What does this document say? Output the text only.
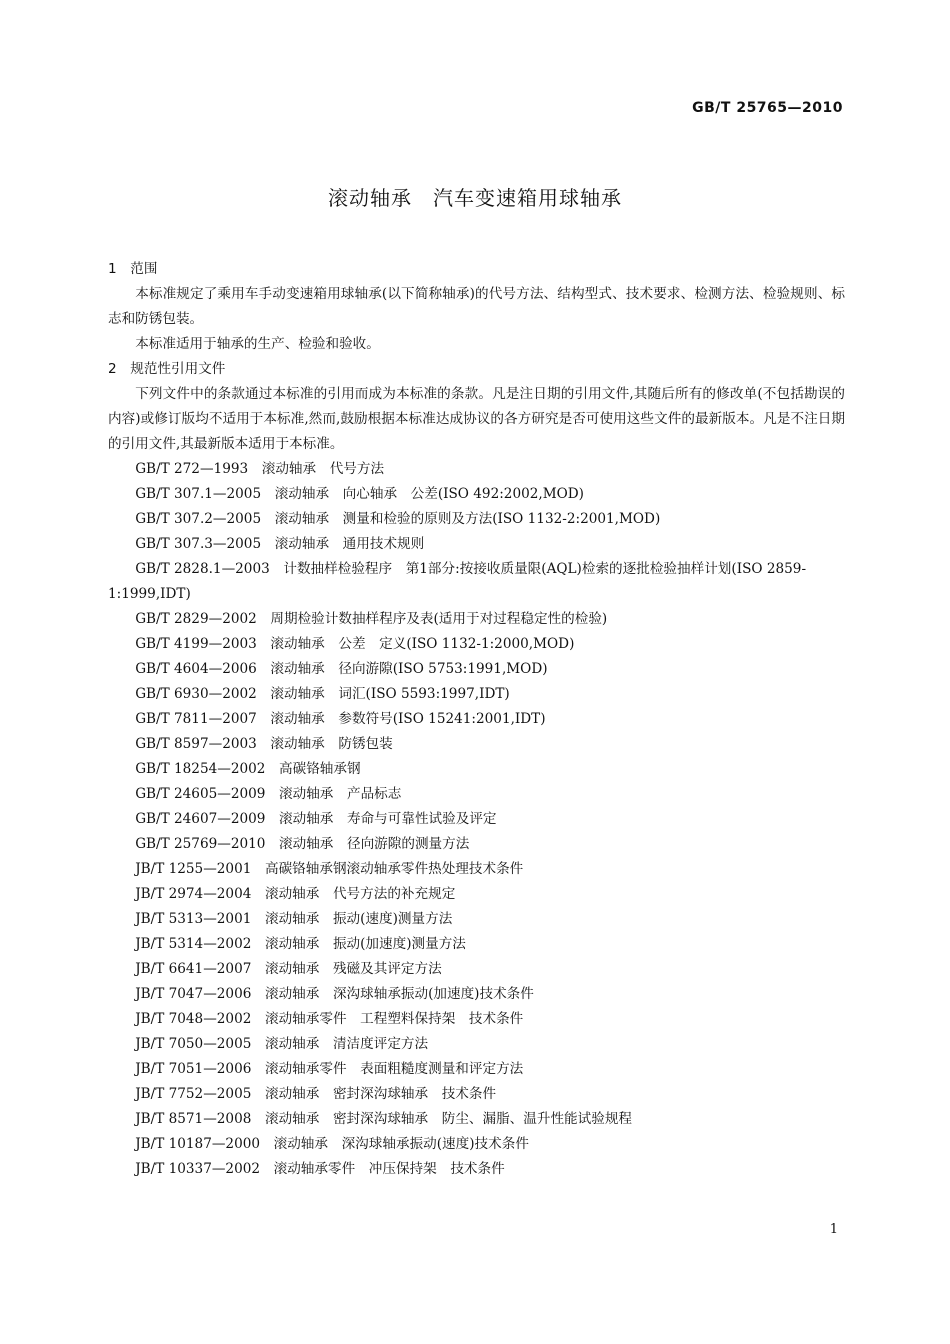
GB/T 25765—2010
滚动轴承　汽车变速箱用球轴承

1　范围

本标准规定了乘用车手动变速箱用球轴承(以下简称轴承)的代号方法、结构型式、技术要求、检测方法、检验规则、标志和防锈包装。

本标准适用于轴承的生产、检验和验收。

2　规范性引用文件

下列文件中的条款通过本标准的引用而成为本标准的条款。凡是注日期的引用文件,其随后所有的修改单(不包括勘误的内容)或修订版均不适用于本标准,然而,鼓励根据本标准达成协议的各方研究是否可使用这些文件的最新版本。凡是不注日期的引用文件,其最新版本适用于本标准。

GB/T 272—1993　滚动轴承　代号方法

GB/T 307.1—2005　滚动轴承　向心轴承　公差(ISO 492:2002,MOD)

GB/T 307.2—2005　滚动轴承　测量和检验的原则及方法(ISO 1132-2:2001,MOD)

GB/T 307.3—2005　滚动轴承　通用技术规则

GB/T 2828.1—2003　计数抽样检验程序　第1部分:按接收质量限(AQL)检索的逐批检验抽样计划(ISO 2859-1:1999,IDT)

GB/T 2829—2002　周期检验计数抽样程序及表(适用于对过程稳定性的检验)

GB/T 4199—2003　滚动轴承　公差　定义(ISO 1132-1:2000,MOD)

GB/T 4604—2006　滚动轴承　径向游隙(ISO 5753:1991,MOD)

GB/T 6930—2002　滚动轴承　词汇(ISO 5593:1997,IDT)

GB/T 7811—2007　滚动轴承　参数符号(ISO 15241:2001,IDT)

GB/T 8597—2003　滚动轴承　防锈包装

GB/T 18254—2002　高碳铬轴承钢

GB/T 24605—2009　滚动轴承　产品标志

GB/T 24607—2009　滚动轴承　寿命与可靠性试验及评定

GB/T 25769—2010　滚动轴承　径向游隙的测量方法

JB/T 1255—2001　高碳铬轴承钢滚动轴承零件热处理技术条件

JB/T 2974—2004　滚动轴承　代号方法的补充规定

JB/T 5313—2001　滚动轴承　振动(速度)测量方法

JB/T 5314—2002　滚动轴承　振动(加速度)测量方法

JB/T 6641—2007　滚动轴承　残磁及其评定方法

JB/T 7047—2006　滚动轴承　深沟球轴承振动(加速度)技术条件

JB/T 7048—2002　滚动轴承零件　工程塑料保持架　技术条件

JB/T 7050—2005　滚动轴承　清洁度评定方法

JB/T 7051—2006　滚动轴承零件　表面粗糙度测量和评定方法

JB/T 7752—2005　滚动轴承　密封深沟球轴承　技术条件

JB/T 8571—2008　滚动轴承　密封深沟球轴承　防尘、漏脂、温升性能试验规程

JB/T 10187—2000　滚动轴承　深沟球轴承振动(速度)技术条件

JB/T 10337—2002　滚动轴承零件　冲压保持架　技术条件

1
